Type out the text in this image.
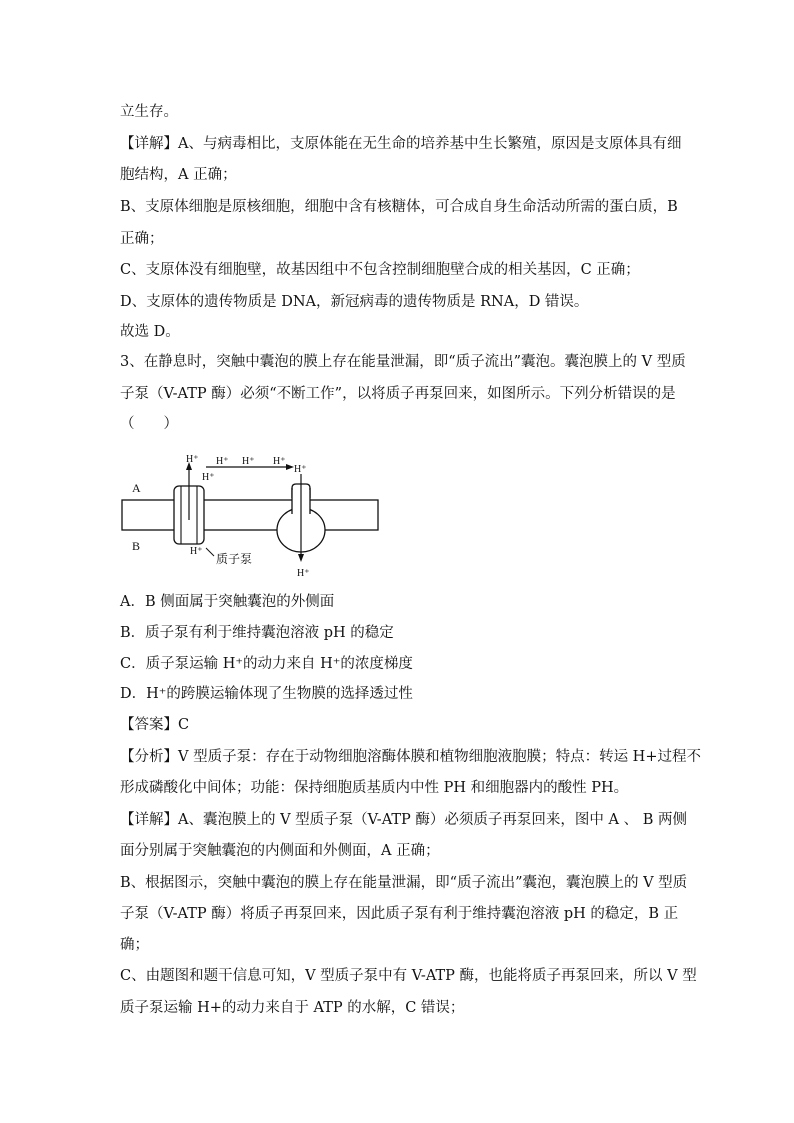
立生存。
【详解】A、与病毒相比，支原体能在无生命的培养基中生长繁殖，原因是支原体具有细
胞结构，A 正确；
B、支原体细胞是原核细胞，细胞中含有核糖体，可合成自身生命活动所需的蛋白质，B
正确；
C、支原体没有细胞壁，故基因组中不包含控制细胞壁合成的相关基因，C 正确；
D、支原体的遗传物质是 DNA，新冠病毒的遗传物质是 RNA，D 错误。
故选 D。
3、在静息时，突触中囊泡的膜上存在能量泄漏，即“质子流出”囊泡。囊泡膜上的 V 型质
子泵（V-ATP 酶）必须“不断工作”，以将质子再泵回来，如图所示。下列分析错误的是
（　　）
H⁺
H⁺
H⁺ H⁺ H⁺
H⁺
H⁺
H⁺
A
B
质子泵
A．B 侧面属于突触囊泡的外侧面
B．质子泵有利于维持囊泡溶液 pH 的稳定
C．质子泵运输 H⁺的动力来自 H⁺的浓度梯度
D．H⁺的跨膜运输体现了生物膜的选择透过性
【答案】C
【分析】V 型质子泵：存在于动物细胞溶酶体膜和植物细胞液胞膜；特点：转运 H+过程不
形成磷酸化中间体；功能：保持细胞质基质内中性 PH 和细胞器内的酸性 PH。
【详解】A、囊泡膜上的 V 型质子泵（V-ATP 酶）必须质子再泵回来，图中 A 、 B 两侧
面分别属于突触囊泡的内侧面和外侧面，A 正确；
B、根据图示，突触中囊泡的膜上存在能量泄漏，即“质子流出”囊泡，囊泡膜上的 V 型质
子泵（V-ATP 酶）将质子再泵回来，因此质子泵有利于维持囊泡溶液 pH 的稳定，B 正
确；
C、由题图和题干信息可知，V 型质子泵中有 V-ATP 酶，也能将质子再泵回来，所以 V 型
质子泵运输 H+的动力来自于 ATP 的水解，C 错误；
